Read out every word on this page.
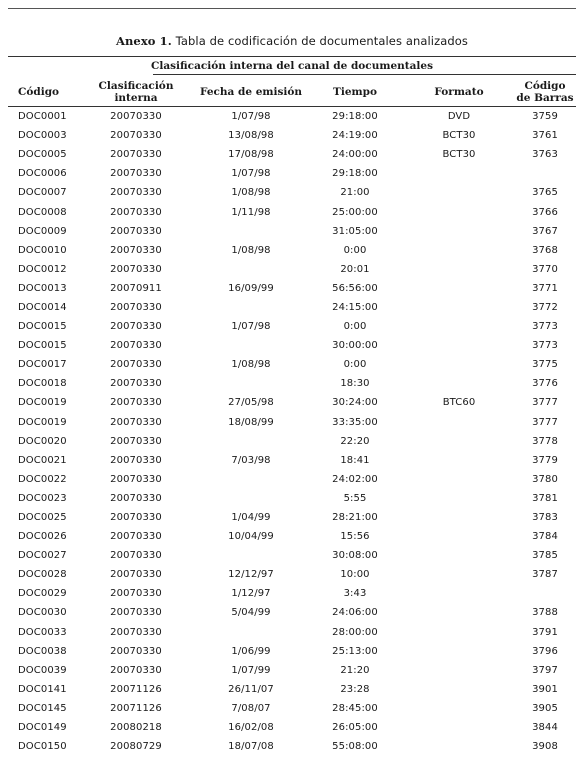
Anexo 1. Tabla de codificación de documentales analizados
Clasificación interna del canal de documentales
Código	Clasificación interna	Fecha de emisión	Tiempo	Formato	Código
de Barras
DOC0001	20070330	1/07/98	29:18:00	DVD	3759
DOC0003	20070330	13/08/98	24:19:00	BCT30	3761
DOC0005	20070330	17/08/98	24:00:00	BCT30	3763
DOC0006	20070330	1/07/98	29:18:00		
DOC0007	20070330	1/08/98	21:00		3765
DOC0008	20070330	1/11/98	25:00:00		3766
DOC0009	20070330		31:05:00		3767
DOC0010	20070330	1/08/98	0:00		3768
DOC0012	20070330		20:01		3770
DOC0013	20070911	16/09/99	56:56:00		3771
DOC0014	20070330		24:15:00		3772
DOC0015	20070330	1/07/98	0:00		3773
DOC0015	20070330		30:00:00		3773
DOC0017	20070330	1/08/98	0:00		3775
DOC0018	20070330		18:30		3776
DOC0019	20070330	27/05/98	30:24:00	BTC60	3777
DOC0019	20070330	18/08/99	33:35:00		3777
DOC0020	20070330		22:20		3778
DOC0021	20070330	7/03/98	18:41		3779
DOC0022	20070330		24:02:00		3780
DOC0023	20070330		5:55		3781
DOC0025	20070330	1/04/99	28:21:00		3783
DOC0026	20070330	10/04/99	15:56		3784
DOC0027	20070330		30:08:00		3785
DOC0028	20070330	12/12/97	10:00		3787
DOC0029	20070330	1/12/97	3:43		
DOC0030	20070330	5/04/99	24:06:00		3788
DOC0033	20070330		28:00:00		3791
DOC0038	20070330	1/06/99	25:13:00		3796
DOC0039	20070330	1/07/99	21:20		3797
DOC0141	20071126	26/11/07	23:28		3901
DOC0145	20071126	7/08/07	28:45:00		3905
DOC0149	20080218	16/02/08	26:05:00		3844
DOC0150	20080729	18/07/08	55:08:00		3908
